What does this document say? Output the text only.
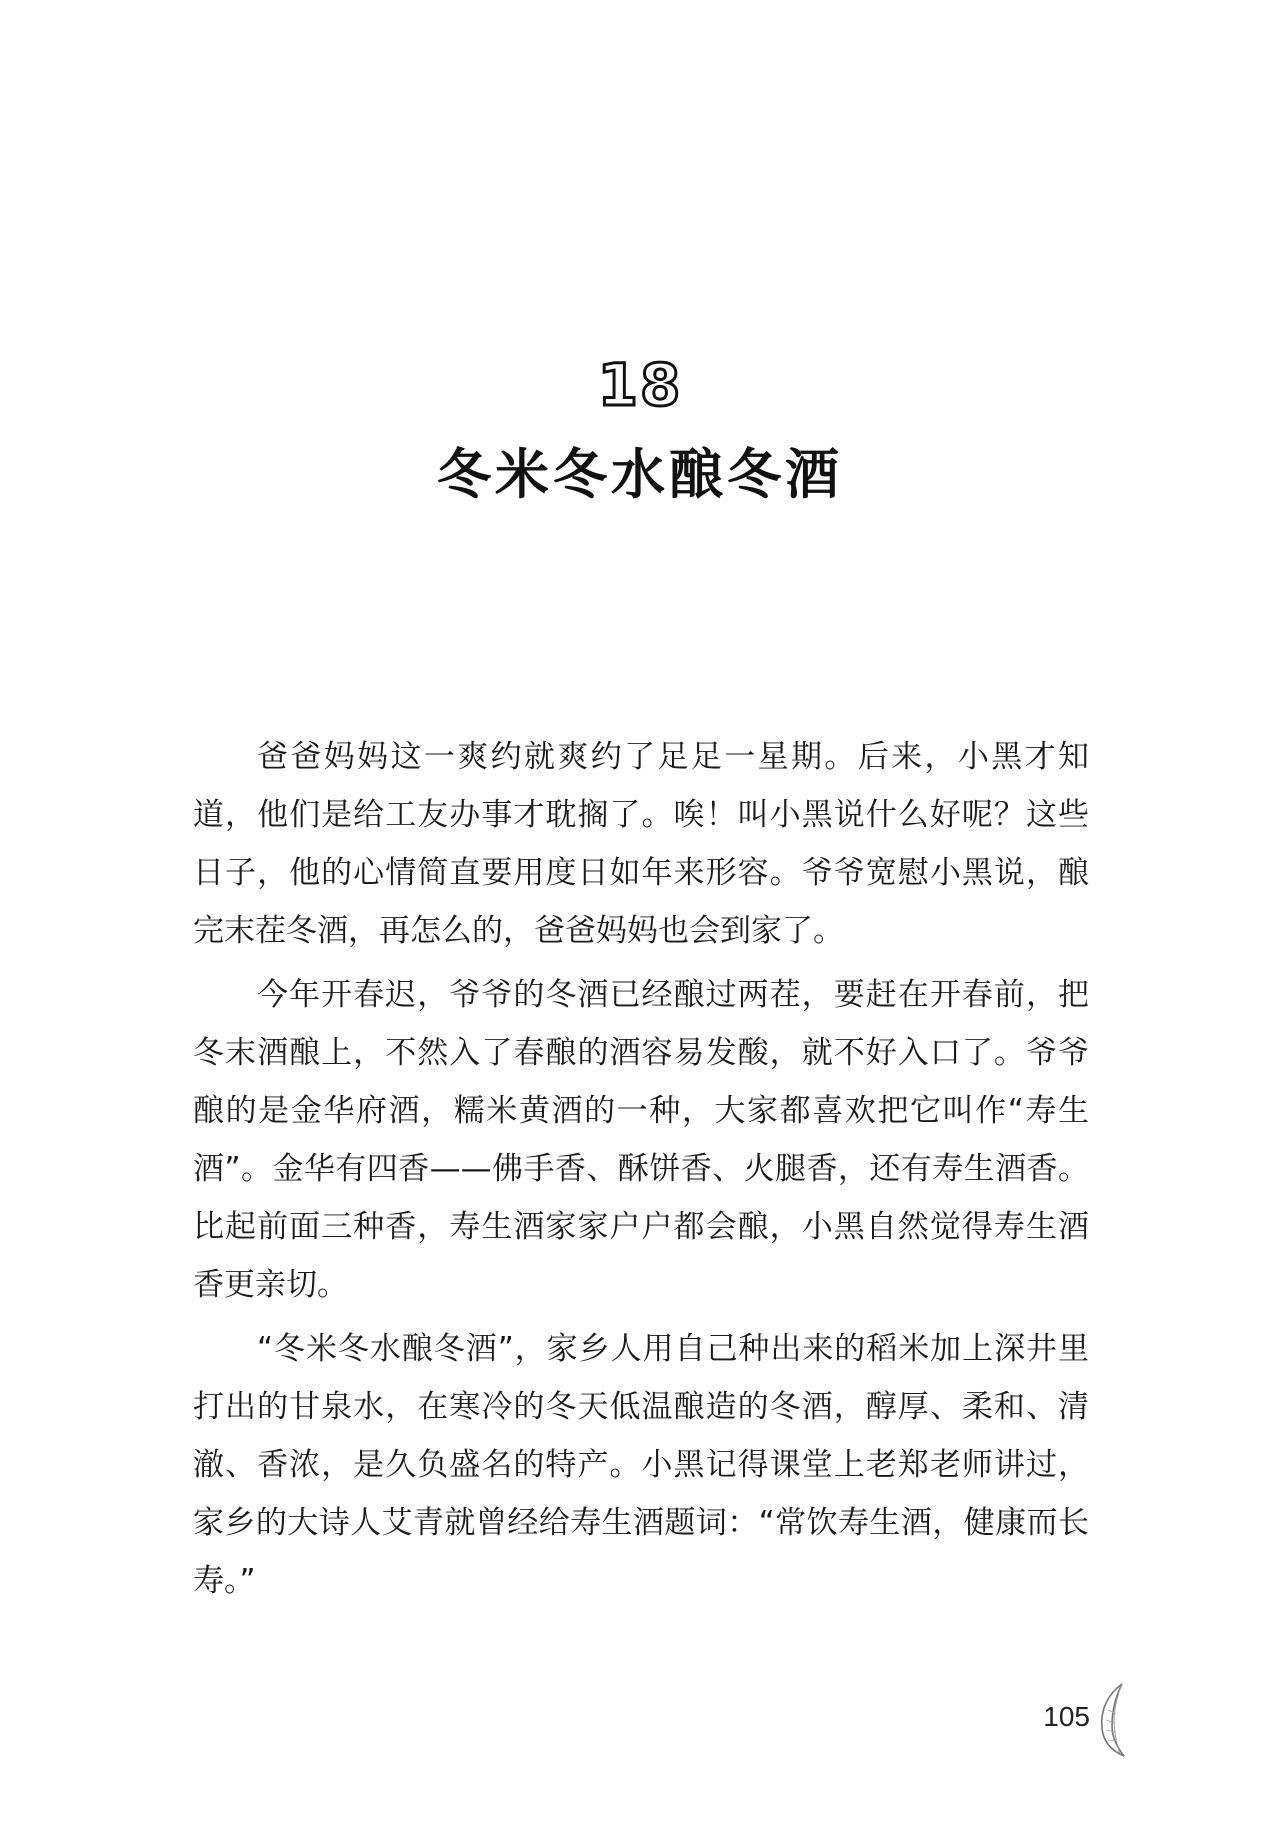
18
冬米冬水酿冬酒

爸爸妈妈这一爽约就爽约了足足一星期。后来，小黑才知道，他们是给工友办事才耽搁了。唉！叫小黑说什么好呢？这些日子，他的心情简直要用度日如年来形容。爷爷宽慰小黑说，酿完末茬冬酒，再怎么的，爸爸妈妈也会到家了。

今年开春迟，爷爷的冬酒已经酿过两茬，要赶在开春前，把冬末酒酿上，不然入了春酿的酒容易发酸，就不好入口了。爷爷酿的是金华府酒，糯米黄酒的一种，大家都喜欢把它叫作“寿生酒”。金华有四香——佛手香、酥饼香、火腿香，还有寿生酒香。比起前面三种香，寿生酒家家户户都会酿，小黑自然觉得寿生酒香更亲切。

“冬米冬水酿冬酒”，家乡人用自己种出来的稻米加上深井里打出的甘泉水，在寒冷的冬天低温酿造的冬酒，醇厚、柔和、清澈、香浓，是久负盛名的特产。小黑记得课堂上老郑老师讲过，家乡的大诗人艾青就曾经给寿生酒题词：“常饮寿生酒，健康而长寿。”

105
